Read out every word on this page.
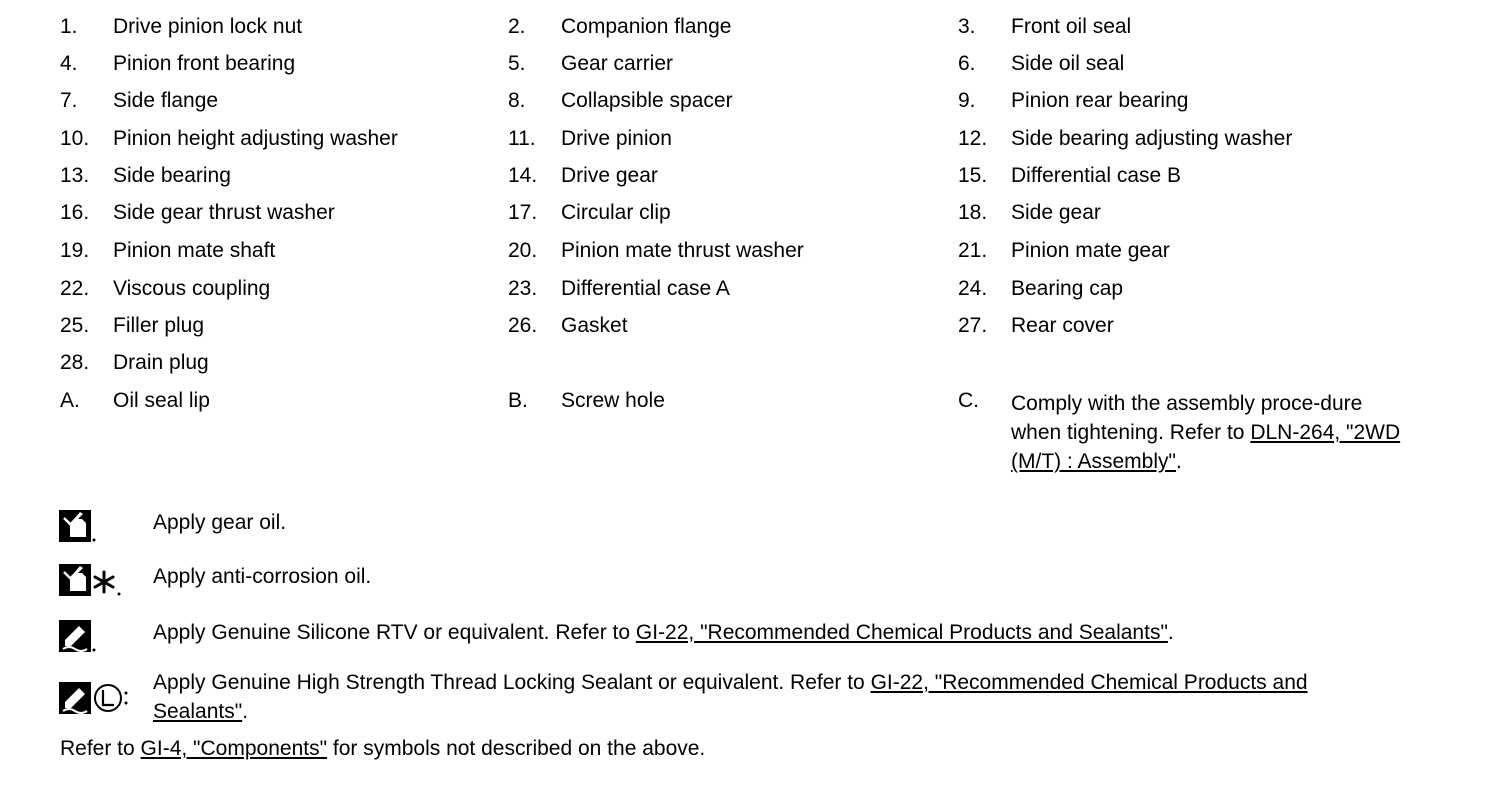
1. Drive pinion lock nut
4. Pinion front bearing
7. Side flange
10. Pinion height adjusting washer
13. Side bearing
16. Side gear thrust washer
19. Pinion mate shaft
22. Viscous coupling
25. Filler plug
28. Drain plug
A. Oil seal lip
2. Companion flange
5. Gear carrier
8. Collapsible spacer
11. Drive pinion
14. Drive gear
17. Circular clip
20. Pinion mate thrust washer
23. Differential case A
26. Gasket
B. Screw hole
3. Front oil seal
6. Side oil seal
9. Pinion rear bearing
12. Side bearing adjusting washer
15. Differential case B
18. Side gear
21. Pinion mate gear
24. Bearing cap
27. Rear cover
C. Comply with the assembly proce-dure when tightening. Refer to DLN-264, "2WD (M/T) : Assembly".
Apply gear oil.
Apply anti-corrosion oil.
Apply Genuine Silicone RTV or equivalent. Refer to GI-22, "Recommended Chemical Products and Sealants".
Apply Genuine High Strength Thread Locking Sealant or equivalent. Refer to GI-22, "Recommended Chemical Products and Sealants".
Refer to GI-4, "Components" for symbols not described on the above.
